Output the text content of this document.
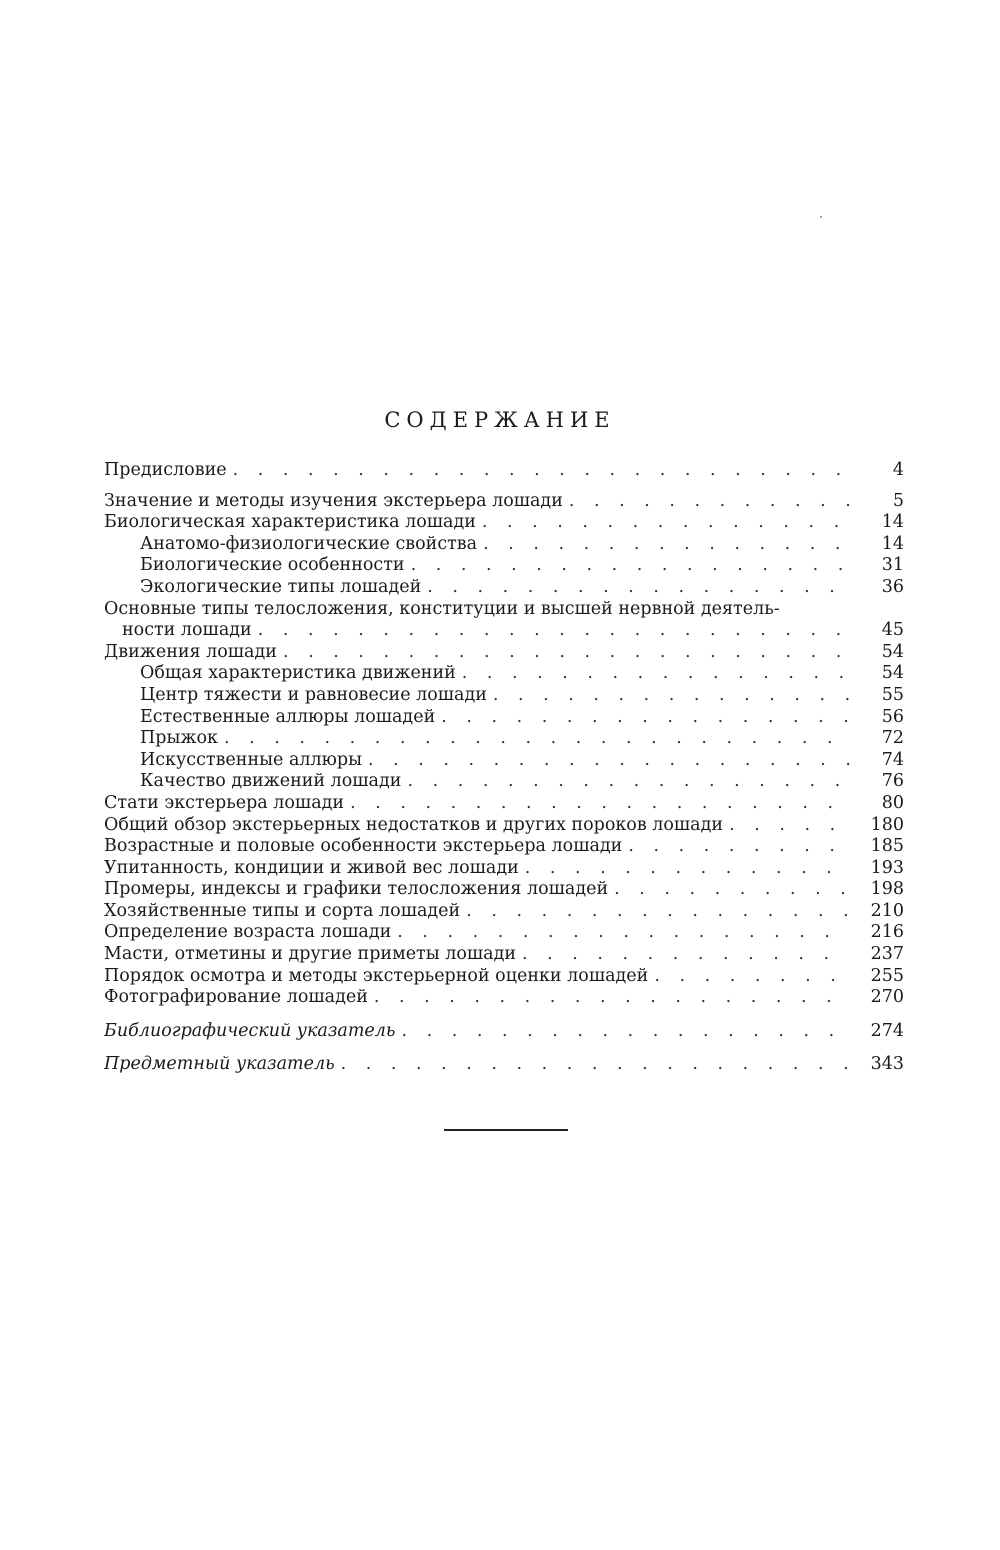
СОДЕРЖАНИЕ
Предисловие . . .	4
Значение и методы изучения экстерьера лошади . . .	5
Биологическая характеристика лошади . . .	14
Анатомо-физиологические свойства . . .	14
Биологические особенности . . .	31
Экологические типы лошадей . . .	36
Основные типы телосложения, конституции и высшей нервной деятель-
ности лошади . . .	45
Движения лошади . . .	54
Общая характеристика движений . . .	54
Центр тяжести и равновесие лошади . . .	55
Естественные аллюры лошадей . . .	56
Прыжок . . .	72
Искусственные аллюры . . .	74
Качество движений лошади . . .	76
Стати экстерьера лошади . . .	80
Общий обзор экстерьерных недостатков и других пороков лошади . . .	180
Возрастные и половые особенности экстерьера лошади . . .	185
Упитанность, кондиции и живой вес лошади . . .	193
Промеры, индексы и графики телосложения лошадей . . .	198
Хозяйственные типы и сорта лошадей . . .	210
Определение возраста лошади . . .	216
Масти, отметины и другие приметы лошади . . .	237
Порядок осмотра и методы экстерьерной оценки лошадей . . .	255
Фотографирование лошадей . . .	270
Библиографический указатель . . .	274
Предметный указатель . . .	343
